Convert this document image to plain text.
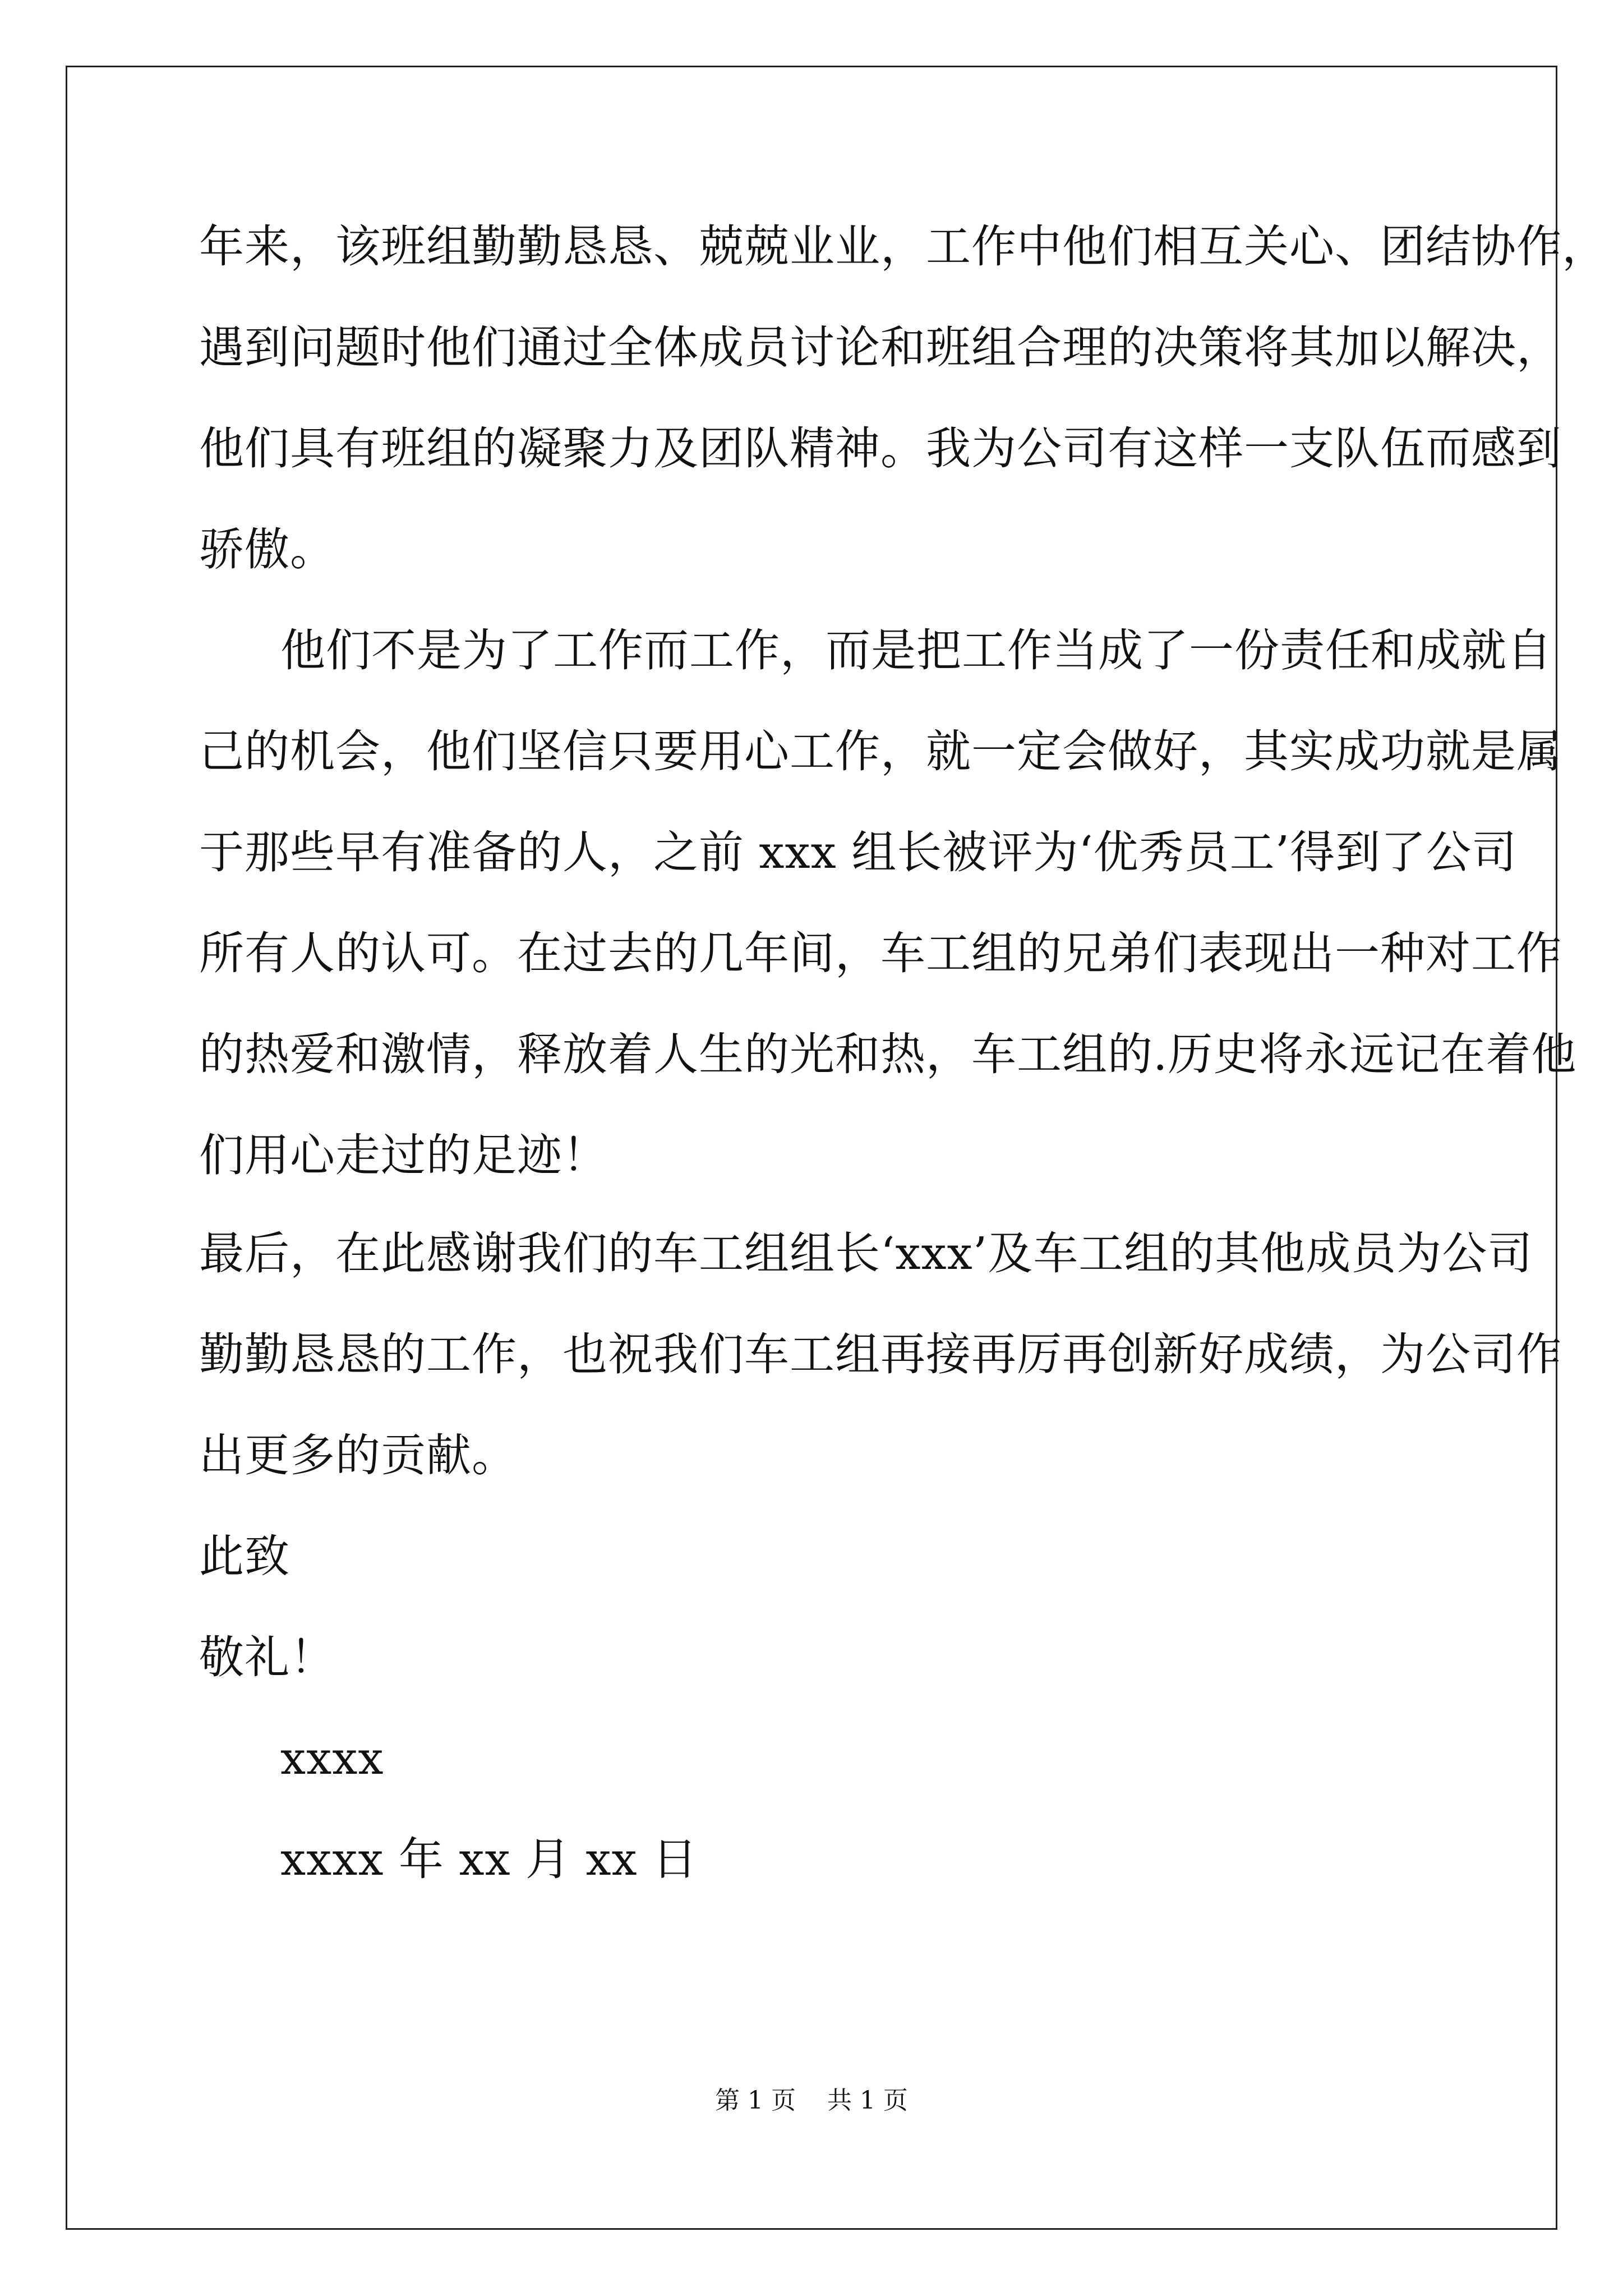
年来，该班组勤勤恳恳、兢兢业业，工作中他们相互关心、团结协作，
遇到问题时他们通过全体成员讨论和班组合理的决策将其加以解决，
他们具有班组的凝聚力及团队精神。我为公司有这样一支队伍而感到
骄傲。
他们不是为了工作而工作，而是把工作当成了一份责任和成就自
己的机会，他们坚信只要用心工作，就一定会做好，其实成功就是属
于那些早有准备的人，之前 xxx 组长被评为‘优秀员工’得到了公司
所有人的认可。在过去的几年间，车工组的兄弟们表现出一种对工作
的热爱和激情，释放着人生的光和热，车工组的.历史将永远记在着他
们用心走过的足迹！
最后，在此感谢我们的车工组组长‘xxx’及车工组的其他成员为公司
勤勤恳恳的工作，也祝我们车工组再接再厉再创新好成绩，为公司作
出更多的贡献。
此致
敬礼！
xxxx
xxxx 年 xx 月 xx 日
第 1 页    共 1 页
